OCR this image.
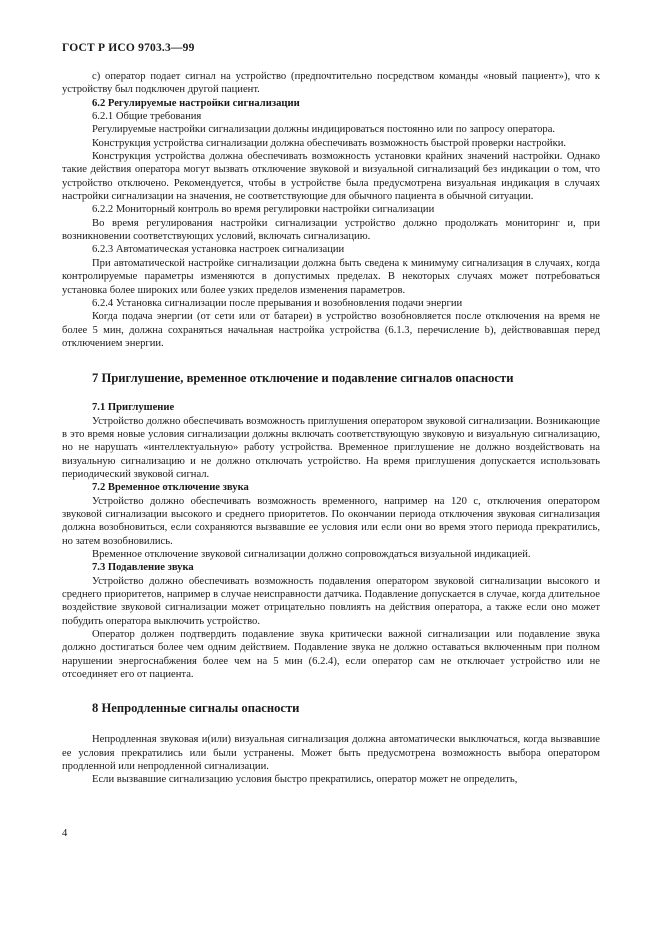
ГОСТ Р ИСО 9703.3—99

c) оператор подает сигнал на устройство (предпочтительно посредством команды «новый пациент»), что к устройству был подключен другой пациент.

6.2 Регулируемые настройки сигнализации

6.2.1 Общие требования

Регулируемые настройки сигнализации должны индицироваться постоянно или по запросу оператора.

Конструкция устройства сигнализации должна обеспечивать возможность быстрой проверки настройки.

Конструкция устройства должна обеспечивать возможность установки крайних значений настройки. Однако такие действия оператора могут вызвать отключение звуковой и визуальной сигнализаций без индикации о том, что устройство отключено. Рекомендуется, чтобы в устройстве была предусмотрена визуальная индикация в случаях настройки сигнализации на значения, не соответствующие для обычного пациента в обычной ситуации.

6.2.2 Мониторный контроль во время регулировки настройки сигнализации

Во время регулирования настройки сигнализации устройство должно продолжать мониторинг и, при возникновении соответствующих условий, включать сигнализацию.

6.2.3 Автоматическая установка настроек сигнализации

При автоматической настройке сигнализации должна быть сведена к минимуму сигнализация в случаях, когда контролируемые параметры изменяются в допустимых пределах. В некоторых случаях может потребоваться установка более широких или более узких пределов изменения параметров.

6.2.4 Установка сигнализации после прерывания и возобновления подачи энергии

Когда подача энергии (от сети или от батареи) в устройство возобновляется после отключения на время не более 5 мин, должна сохраняться начальная настройка устройства (6.1.3, перечисление b), действовавшая перед отключением энергии.

7 Приглушение, временное отключение и подавление сигналов опасности

7.1 Приглушение

Устройство должно обеспечивать возможность приглушения оператором звуковой сигнализации. Возникающие в это время новые условия сигнализации должны включать соответствующую звуковую и визуальную сигнализацию, но не нарушать «интеллектуальную» работу устройства. Временное приглушение не должно воздействовать на визуальную сигнализацию и не должно отключать устройство. На время приглушения допускается использовать периодический звуковой сигнал.

7.2 Временное отключение звука

Устройство должно обеспечивать возможность временного, например на 120 с, отключения оператором звуковой сигнализации высокого и среднего приоритетов. По окончании периода отключения звуковая сигнализация должна возобновиться, если сохраняются вызвавшие ее условия или если они во время этого периода прекратились, но затем возобновились.

Временное отключение звуковой сигнализации должно сопровождаться визуальной индикацией.

7.3 Подавление звука

Устройство должно обеспечивать возможность подавления оператором звуковой сигнализации высокого и среднего приоритетов, например в случае неисправности датчика. Подавление допускается в случае, когда длительное воздействие звуковой сигнализации может отрицательно повлиять на действия оператора, а также если оно может побудить оператора выключить устройство.

Оператор должен подтвердить подавление звука критически важной сигнализации или подавление звука должно достигаться более чем одним действием. Подавление звука не должно оставаться включенным при полном нарушении энергоснабжения более чем на 5 мин (6.2.4), если оператор сам не отключает устройство или не отсоединяет его от пациента.

8 Непродленные сигналы опасности

Непродленная звуковая и(или) визуальная сигнализация должна автоматически выключаться, когда вызвавшие ее условия прекратились или были устранены. Может быть предусмотрена возможность выбора оператором продленной или непродленной сигнализации.

Если вызвавшие сигнализацию условия быстро прекратились, оператор может не определить,

4
